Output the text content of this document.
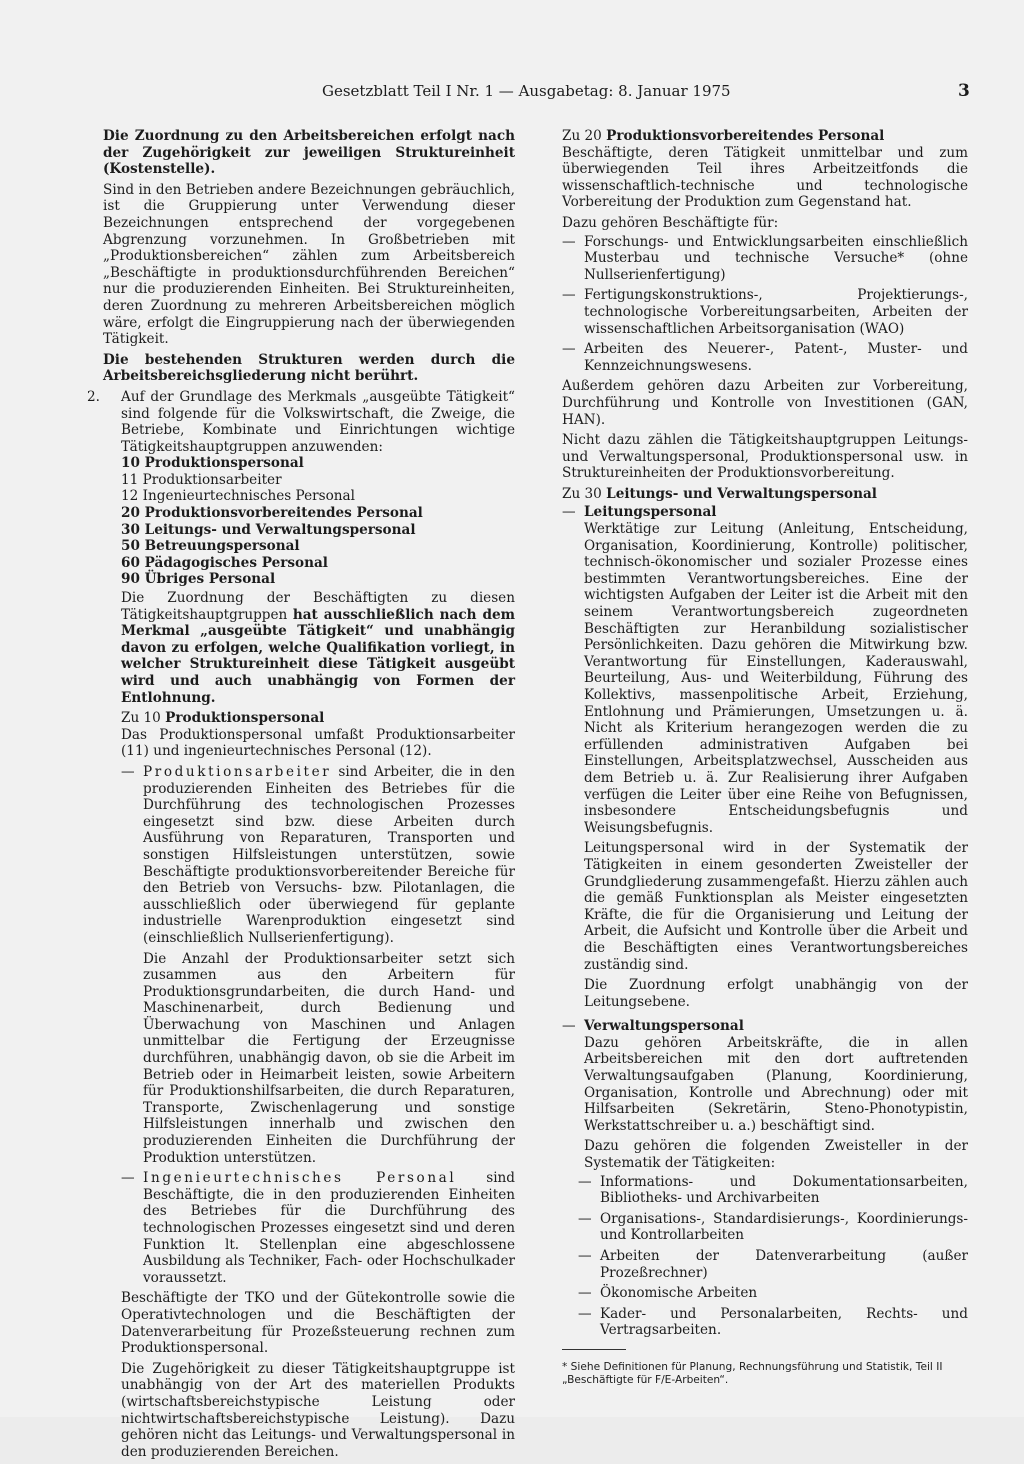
Gesetzblatt Teil I Nr. 1 — Ausgabetag: 8. Januar 1975	3

Die Zuordnung zu den Arbeitsbereichen erfolgt nach der Zugehörigkeit zur jeweiligen Struktureinheit (Kostenstelle).

Sind in den Betrieben andere Bezeichnungen gebräuchlich, ist die Gruppierung unter Verwendung dieser Bezeichnungen entsprechend der vorgegebenen Abgrenzung vorzunehmen. In Großbetrieben mit „Produktionsbereichen“ zählen zum Arbeitsbereich „Beschäftigte in produktionsdurchführenden Bereichen“ nur die produzierenden Einheiten. Bei Struktureinheiten, deren Zuordnung zu mehreren Arbeitsbereichen möglich wäre, erfolgt die Eingruppierung nach der überwiegenden Tätigkeit.

Die bestehenden Strukturen werden durch die Arbeitsbereichsgliederung nicht berührt.

2. Auf der Grundlage des Merkmals „ausgeübte Tätigkeit“ sind folgende für die Volkswirtschaft, die Zweige, die Betriebe, Kombinate und Einrichtungen wichtige Tätigkeitshauptgruppen anzuwenden:
10 Produktionspersonal
11 Produktionsarbeiter
12 Ingenieurtechnisches Personal
20 Produktionsvorbereitendes Personal
30 Leitungs- und Verwaltungspersonal
50 Betreuungspersonal
60 Pädagogisches Personal
90 Übriges Personal

Die Zuordnung der Beschäftigten zu diesen Tätigkeitshauptgruppen hat ausschließlich nach dem Merkmal „ausgeübte Tätigkeit“ und unabhängig davon zu erfolgen, welche Qualifikation vorliegt, in welcher Struktureinheit diese Tätigkeit ausgeübt wird und auch unabhängig von Formen der Entlohnung.

Zu 10 Produktionspersonal

Das Produktionspersonal umfaßt Produktionsarbeiter (11) und ingenieurtechnisches Personal (12).

— Produktionsarbeiter sind Arbeiter, die in den produzierenden Einheiten des Betriebes für die Durchführung des technologischen Prozesses eingesetzt sind bzw. diese Arbeiten durch Ausführung von Reparaturen, Transporten und sonstigen Hilfsleistungen unterstützen, sowie Beschäftigte produktionsvorbereitender Bereiche für den Betrieb von Versuchs- bzw. Pilotanlagen, die ausschließlich oder überwiegend für geplante industrielle Warenproduktion eingesetzt sind (einschließlich Nullserienfertigung).

Die Anzahl der Produktionsarbeiter setzt sich zusammen aus den Arbeitern für Produktionsgrundarbeiten, die durch Hand- und Maschinenarbeit, durch Bedienung und Überwachung von Maschinen und Anlagen unmittelbar die Fertigung der Erzeugnisse durchführen, unabhängig davon, ob sie die Arbeit im Betrieb oder in Heimarbeit leisten, sowie Arbeitern für Produktionshilfsarbeiten, die durch Reparaturen, Transporte, Zwischenlagerung und sonstige Hilfsleistungen innerhalb und zwischen den produzierenden Einheiten die Durchführung der Produktion unterstützen.

— Ingenieurtechnisches Personal sind Beschäftigte, die in den produzierenden Einheiten des Betriebes für die Durchführung des technologischen Prozesses eingesetzt sind und deren Funktion lt. Stellenplan eine abgeschlossene Ausbildung als Techniker, Fach- oder Hochschulkader voraussetzt.

Beschäftigte der TKO und der Gütekontrolle sowie die Operativtechnologen und die Beschäftigten der Datenverarbeitung für Prozeßsteuerung rechnen zum Produktionspersonal.

Die Zugehörigkeit zu dieser Tätigkeitshauptgruppe ist unabhängig von der Art des materiellen Produkts (wirtschaftsbereichstypische Leistung oder nichtwirtschaftsbereichstypische Leistung). Dazu gehören nicht das Leitungs- und Verwaltungspersonal in den produzierenden Bereichen.

Zu 20 Produktionsvorbereitendes Personal

Beschäftigte, deren Tätigkeit unmittelbar und zum überwiegenden Teil ihres Arbeitzeitfonds die wissenschaftlich-technische und technologische Vorbereitung der Produktion zum Gegenstand hat.

Dazu gehören Beschäftigte für:

— Forschungs- und Entwicklungsarbeiten einschließlich Musterbau und technische Versuche* (ohne Nullserienfertigung)
— Fertigungskonstruktions-, Projektierungs-, technologische Vorbereitungsarbeiten, Arbeiten der wissenschaftlichen Arbeitsorganisation (WAO)
— Arbeiten des Neuerer-, Patent-, Muster- und Kennzeichnungswesens.

Außerdem gehören dazu Arbeiten zur Vorbereitung, Durchführung und Kontrolle von Investitionen (GAN, HAN).

Nicht dazu zählen die Tätigkeitshauptgruppen Leitungs- und Verwaltungspersonal, Produktionspersonal usw. in Struktureinheiten der Produktionsvorbereitung.

Zu 30 Leitungs- und Verwaltungspersonal

— Leitungspersonal

Werktätige zur Leitung (Anleitung, Entscheidung, Organisation, Koordinierung, Kontrolle) politischer, technisch-ökonomischer und sozialer Prozesse eines bestimmten Verantwortungsbereiches. Eine der wichtigsten Aufgaben der Leiter ist die Arbeit mit den seinem Verantwortungsbereich zugeordneten Beschäftigten zur Heranbildung sozialistischer Persönlichkeiten. Dazu gehören die Mitwirkung bzw. Verantwortung für Einstellungen, Kaderauswahl, Beurteilung, Aus- und Weiterbildung, Führung des Kollektivs, massenpolitische Arbeit, Erziehung, Entlohnung und Prämierungen, Umsetzungen u. ä. Nicht als Kriterium herangezogen werden die zu erfüllenden administrativen Aufgaben bei Einstellungen, Arbeitsplatzwechsel, Ausscheiden aus dem Betrieb u. ä. Zur Realisierung ihrer Aufgaben verfügen die Leiter über eine Reihe von Befugnissen, insbesondere Entscheidungsbefugnis und Weisungsbefugnis.

Leitungspersonal wird in der Systematik der Tätigkeiten in einem gesonderten Zweisteller der Grundgliederung zusammengefaßt. Hierzu zählen auch die gemäß Funktionsplan als Meister eingesetzten Kräfte, die für die Organisierung und Leitung der Arbeit, die Aufsicht und Kontrolle über die Arbeit und die Beschäftigten eines Verantwortungsbereiches zuständig sind.

Die Zuordnung erfolgt unabhängig von der Leitungsebene.

— Verwaltungspersonal

Dazu gehören Arbeitskräfte, die in allen Arbeitsbereichen mit den dort auftretenden Verwaltungsaufgaben (Planung, Koordinierung, Organisation, Kontrolle und Abrechnung) oder mit Hilfsarbeiten (Sekretärin, Steno-Phonotypistin, Werkstattschreiber u. a.) beschäftigt sind.

Dazu gehören die folgenden Zweisteller in der Systematik der Tätigkeiten:

— Informations- und Dokumentationsarbeiten, Bibliotheks- und Archivarbeiten
— Organisations-, Standardisierungs-, Koordinierungs- und Kontrollarbeiten
— Arbeiten der Datenverarbeitung (außer Prozeßrechner)
— Ökonomische Arbeiten
— Kader- und Personalarbeiten, Rechts- und Vertragsarbeiten.

* Siehe Definitionen für Planung, Rechnungsführung und Statistik, Teil II „Beschäftigte für F/E-Arbeiten“.
